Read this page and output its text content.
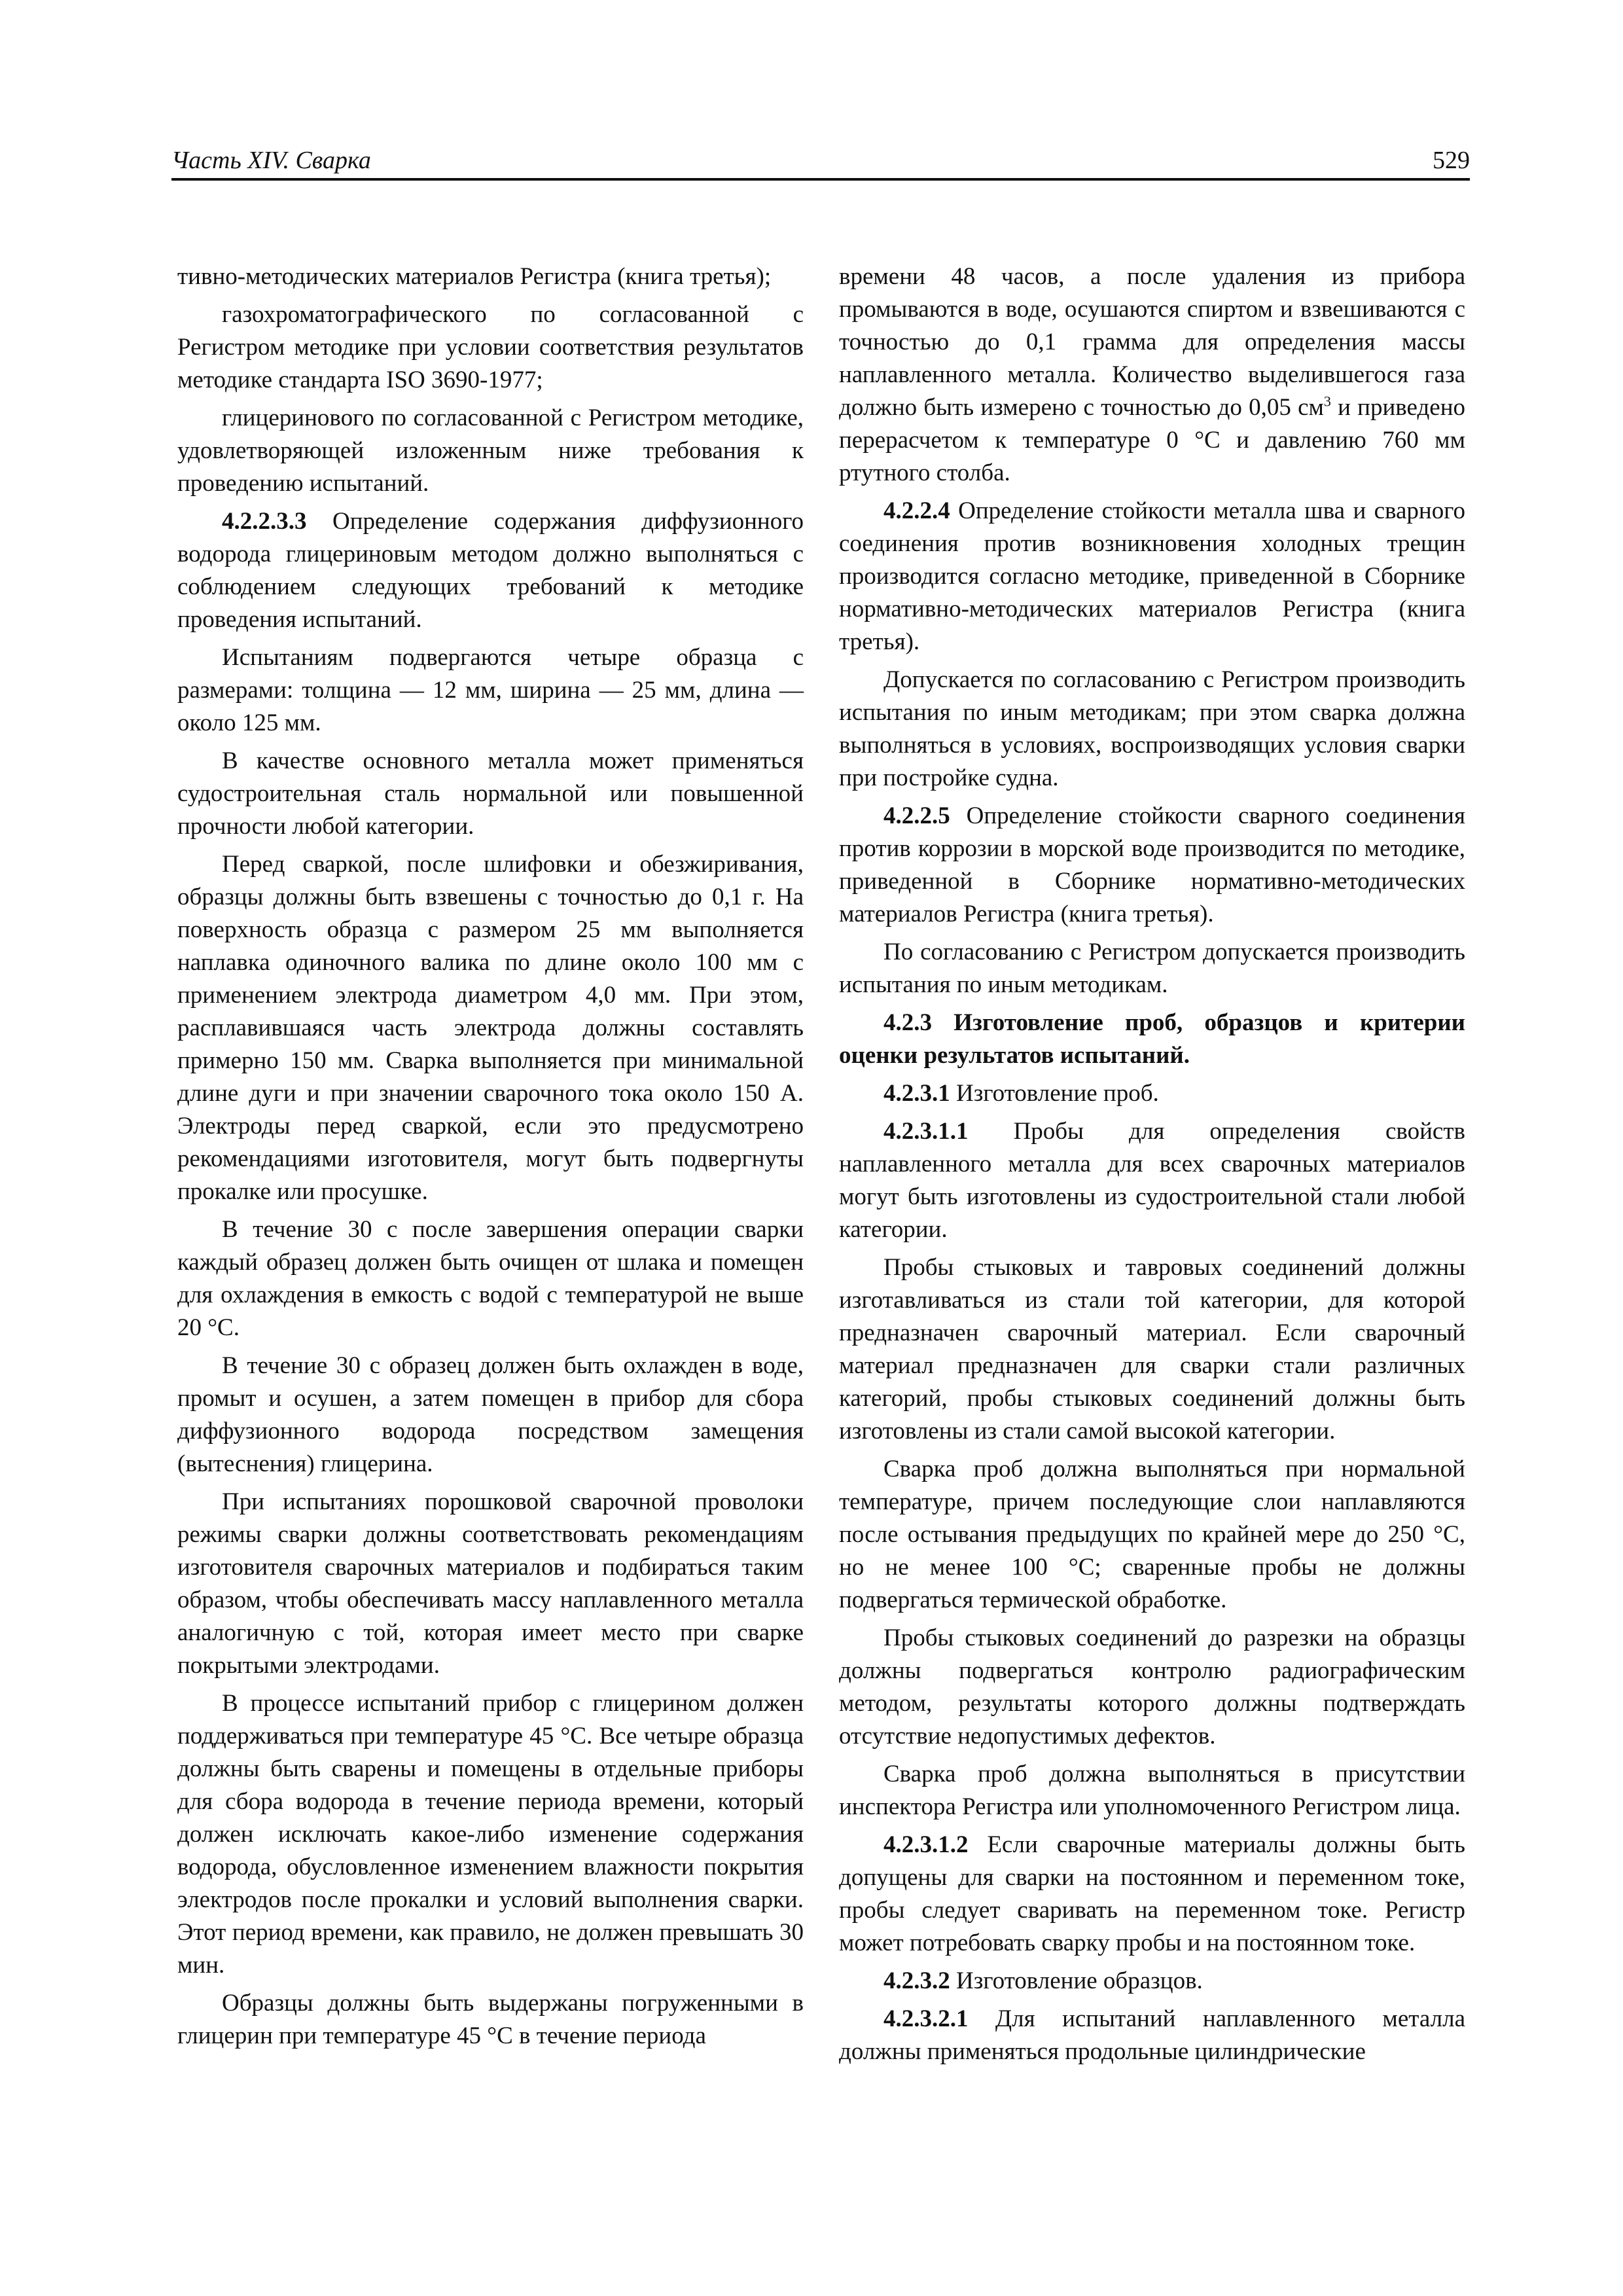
Часть XIV. Сварка	529

тивно-методических материалов Регистра (книга третья);

газохроматографического по согласованной с Регистром методике при условии соответствия результатов методике стандарта ISO 3690-1977;

глицеринового по согласованной с Регистром методике, удовлетворяющей изложенным ниже требования к проведению испытаний.

4.2.2.3.3 Определение содержания диффузионного водорода глицериновым методом должно выполняться с соблюдением следующих требований к методике проведения испытаний.

Испытаниям подвергаются четыре образца с размерами: толщина — 12 мм, ширина — 25 мм, длина — около 125 мм.

В качестве основного металла может применяться судостроительная сталь нормальной или повышенной прочности любой категории.

Перед сваркой, после шлифовки и обезжиривания, образцы должны быть взвешены с точностью до 0,1 г. На поверхность образца с размером 25 мм выполняется наплавка одиночного валика по длине около 100 мм с применением электрода диаметром 4,0 мм. При этом, расплавившаяся часть электрода должны составлять примерно 150 мм. Сварка выполняется при минимальной длине дуги и при значении сварочного тока около 150 А. Электроды перед сваркой, если это предусмотрено рекомендациями изготовителя, могут быть подвергнуты прокалке или просушке.

В течение 30 с после завершения операции сварки каждый образец должен быть очищен от шлака и помещен для охлаждения в емкость с водой с температурой не выше 20 °С.

В течение 30 с образец должен быть охлажден в воде, промыт и осушен, а затем помещен в прибор для сбора диффузионного водорода посредством замещения (вытеснения) глицерина.

При испытаниях порошковой сварочной проволоки режимы сварки должны соответствовать рекомендациям изготовителя сварочных материалов и подбираться таким образом, чтобы обеспечивать массу наплавленного металла аналогичную с той, которая имеет место при сварке покрытыми электродами.

В процессе испытаний прибор с глицерином должен поддерживаться при температуре 45 °С. Все четыре образца должны быть сварены и помещены в отдельные приборы для сбора водорода в течение периода времени, который должен исключать какое-либо изменение содержания водорода, обусловленное изменением влажности покрытия электродов после прокалки и условий выполнения сварки. Этот период времени, как правило, не должен превышать 30 мин.

Образцы должны быть выдержаны погруженными в глицерин при температуре 45 °С в течение периода

времени 48 часов, а после удаления из прибора промываются в воде, осушаются спиртом и взвешиваются с точностью до 0,1 грамма для определения массы наплавленного металла. Количество выделившегося газа должно быть измерено с точностью до 0,05 $см^3$ и приведено перерасчетом к температуре 0 °С и давлению 760 мм ртутного столба.

4.2.2.4 Определение стойкости металла шва и сварного соединения против возникновения холодных трещин производится согласно методике, приведенной в Сборнике нормативно-методических материалов Регистра (книга третья).

Допускается по согласованию с Регистром производить испытания по иным методикам; при этом сварка должна выполняться в условиях, воспроизводящих условия сварки при постройке судна.

4.2.2.5 Определение стойкости сварного соединения против коррозии в морской воде производится по методике, приведенной в Сборнике нормативно-методических материалов Регистра (книга третья).

По согласованию с Регистром допускается производить испытания по иным методикам.

4.2.3 Изготовление проб, образцов и критерии оценки результатов испытаний.

4.2.3.1 Изготовление проб.

4.2.3.1.1 Пробы для определения свойств наплавленного металла для всех сварочных материалов могут быть изготовлены из судостроительной стали любой категории.

Пробы стыковых и тавровых соединений должны изготавливаться из стали той категории, для которой предназначен сварочный материал. Если сварочный материал предназначен для сварки стали различных категорий, пробы стыковых соединений должны быть изготовлены из стали самой высокой категории.

Сварка проб должна выполняться при нормальной температуре, причем последующие слои наплавляются после остывания предыдущих по крайней мере до 250 °С, но не менее 100 °С; сваренные пробы не должны подвергаться термической обработке.

Пробы стыковых соединений до разрезки на образцы должны подвергаться контролю радиографическим методом, результаты которого должны подтверждать отсутствие недопустимых дефектов.

Сварка проб должна выполняться в присутствии инспектора Регистра или уполномоченного Регистром лица.

4.2.3.1.2 Если сварочные материалы должны быть допущены для сварки на постоянном и переменном токе, пробы следует сваривать на переменном токе. Регистр может потребовать сварку пробы и на постоянном токе.

4.2.3.2 Изготовление образцов.

4.2.3.2.1 Для испытаний наплавленного металла должны применяться продольные цилиндрические
